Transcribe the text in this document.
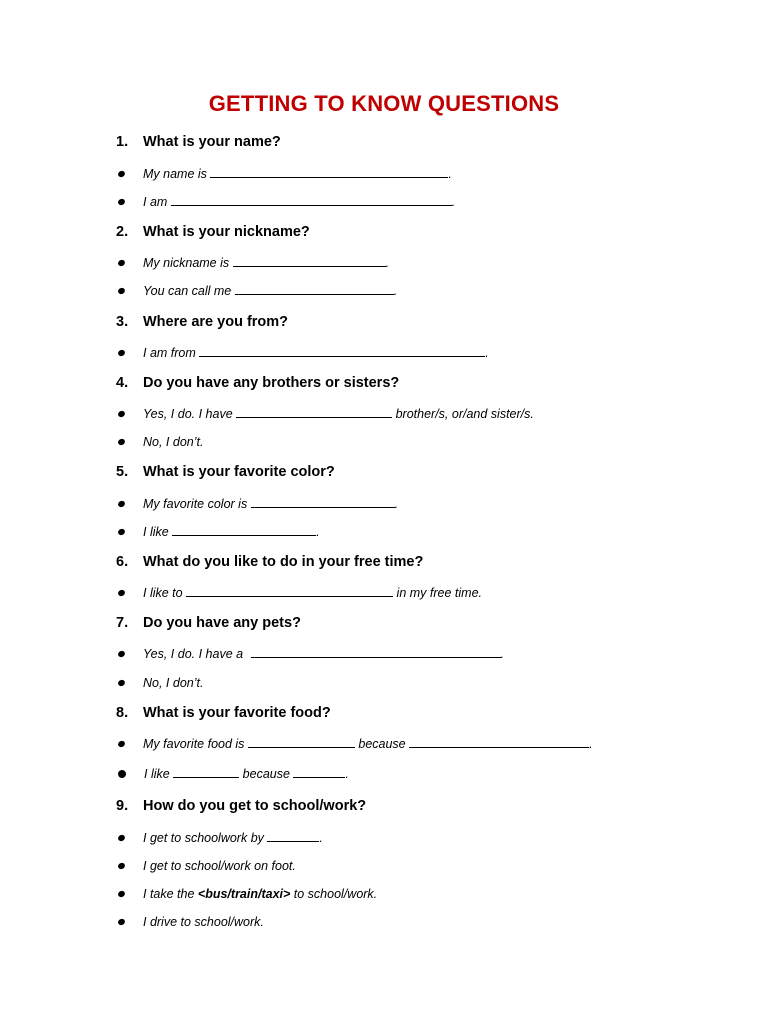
GETTING TO KNOW QUESTIONS
1. What is your name?
My name is	.
I am	.
2. What is your nickname?
My nickname is	.
You can call me	.
3. Where are you from?
I am from	.
4. Do you have any brothers or sisters?
Yes, I do. I have	brother/s, or/and sister/s.
No, I don’t.
5. What is your favorite color?
My favorite color is	.
I like	.
6. What do you like to do in your free time?
I like to	in my free time.
7. Do you have any pets?
Yes, I do. I have a	.
No, I don’t.
8. What is your favorite food?
My favorite food is	because	.
I like	because	.
9. How do you get to school/work?
I get to schoolwork by	.
I get to school/work on foot.
I take the <bus/train/taxi> to school/work.
I drive to school/work.
